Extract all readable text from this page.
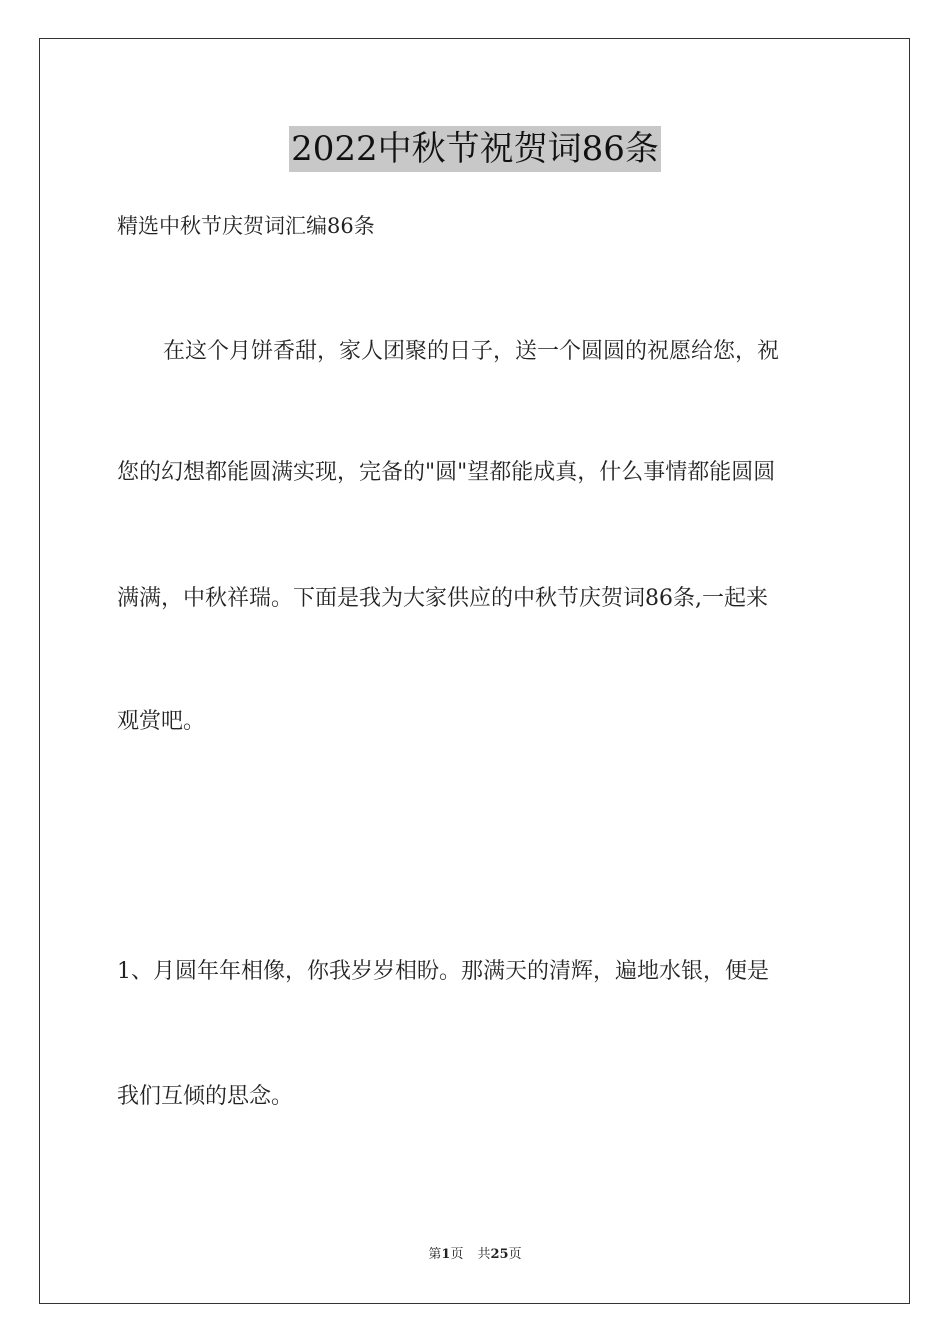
2022中秋节祝贺词86条
精选中秋节庆贺词汇编86条
在这个月饼香甜，家人团聚的日子，送一个圆圆的祝愿给您，祝
您的幻想都能圆满实现，完备的"圆"望都能成真，什么事情都能圆圆
满满，中秋祥瑞。下面是我为大家供应的中秋节庆贺词86条,一起来
观赏吧。
1、月圆年年相像，你我岁岁相盼。那满天的清辉，遍地水银，便是
我们互倾的思念。
第1页 共25页
